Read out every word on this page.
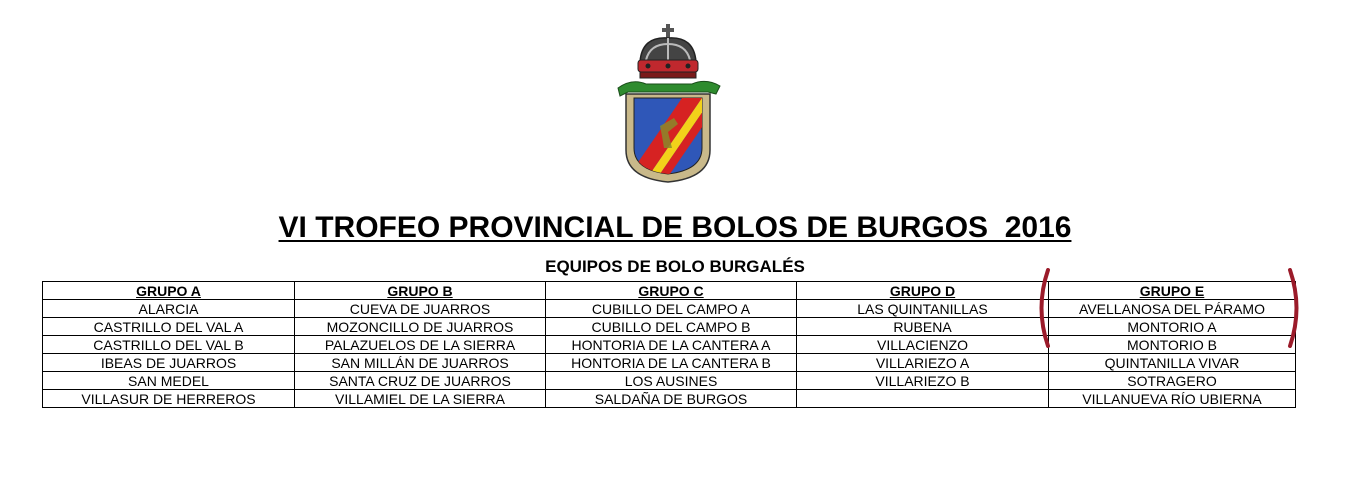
VI TROFEO PROVINCIAL DE BOLOS DE BURGOS  2016
EQUIPOS DE BOLO BURGALÉS
GRUPO A	GRUPO B	GRUPO C	GRUPO D	GRUPO E
ALARCIA	CUEVA DE JUARROS	CUBILLO DEL CAMPO A	LAS QUINTANILLAS	AVELLANOSA DEL PÁRAMO
CASTRILLO DEL VAL A	MOZONCILLO DE JUARROS	CUBILLO DEL CAMPO B	RUBENA	MONTORIO A
CASTRILLO DEL VAL B	PALAZUELOS DE LA SIERRA	HONTORIA DE LA CANTERA A	VILLACIENZO	MONTORIO B
IBEAS DE JUARROS	SAN MILLÁN DE JUARROS	HONTORIA DE LA CANTERA B	VILLARIEZO A	QUINTANILLA VIVAR
SAN MEDEL	SANTA CRUZ DE JUARROS	LOS AUSINES	VILLARIEZO B	SOTRAGERO
VILLASUR DE HERREROS	VILLAMIEL DE LA SIERRA	SALDAÑA DE BURGOS		VILLANUEVA RÍO UBIERNA
